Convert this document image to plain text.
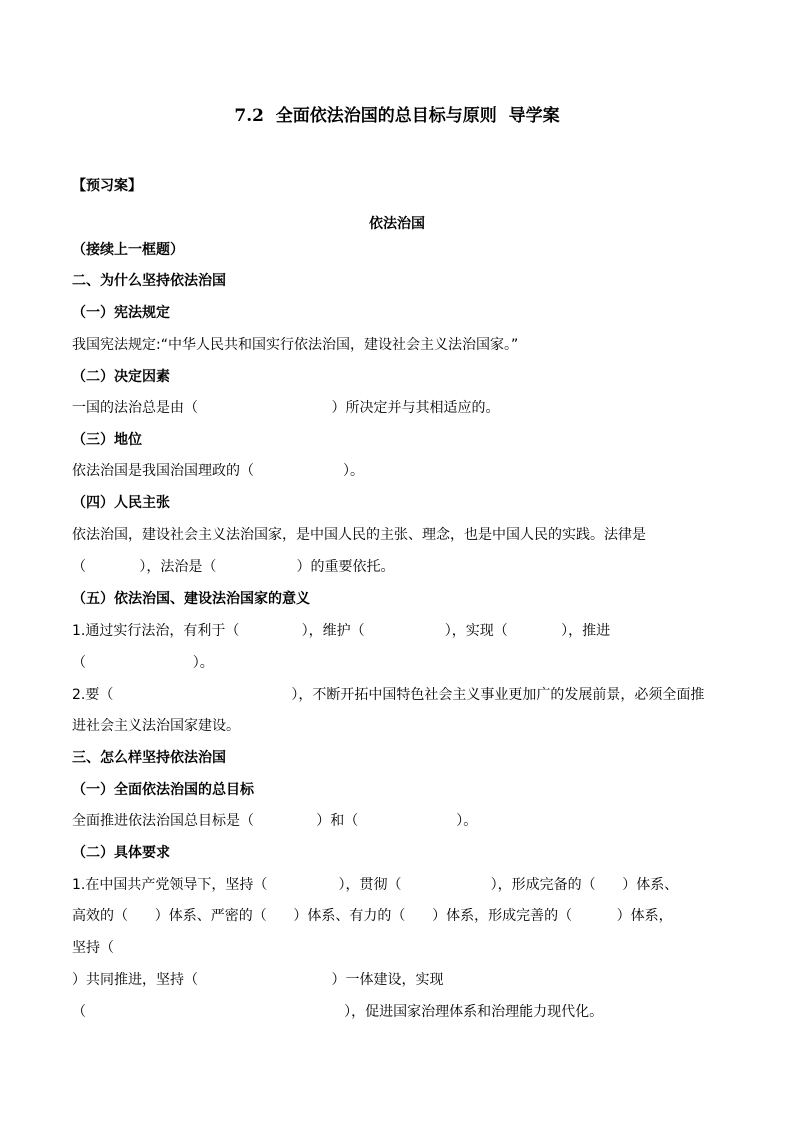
7.2  全面依法治国的总目标与原则  导学案
【预习案】
依法治国
（接续上一框题）
二、为什么坚持依法治国
（一）宪法规定
我国宪法规定:“中华人民共和国实行依法治国，建设社会主义法治国家。”
（二）决定因素
一国的法治总是由（                              ）所决定并与其相适应的。
（三）地位
依法治国是我国治国理政的（                    ）。
（四）人民主张
依法治国，建设社会主义法治国家，是中国人民的主张、理念，也是中国人民的实践。法律是
（            ），法治是（                  ）的重要依托。
（五）依法治国、建设法治国家的意义
1.通过实行法治，有利于（              ），维护（                  ），实现（            ），推进
（                        ）。
2.要（                                        ），不断开拓中国特色社会主义事业更加广的发展前景，必须全面推
进社会主义法治国家建设。
三、怎么样坚持依法治国
（一）全面依法治国的总目标
全面推进依法治国总目标是（              ）和（                      ）。
（二）具体要求
1.在中国共产党领导下，坚持（                ），贯彻（                    ），形成完备的（      ）体系、
高效的（      ）体系、严密的（      ）体系、有力的（      ）体系，形成完善的（          ）体系，
坚持（
）共同推进，坚持（                              ）一体建设，实现
（                                                          ），促进国家治理体系和治理能力现代化。
